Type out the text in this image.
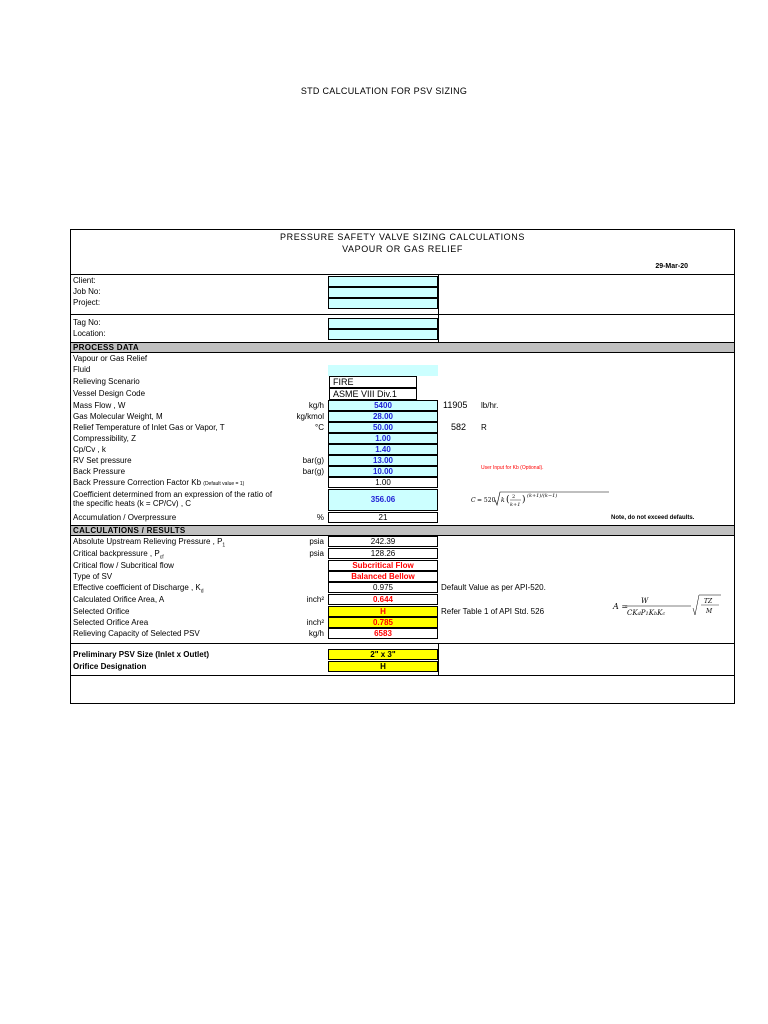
STD CALCULATION FOR PSV SIZING
PRESSURE SAFETY VALVE SIZING CALCULATIONS
VAPOUR OR GAS RELIEF
29-Mar-20
Client:
Job No:
Project:
Tag No:
Location:
PROCESS DATA
Vapour or Gas Relief
Fluid
Relieving Scenario	FIRE
Vessel Design Code	ASME VIII Div.1
Mass Flow , W	kg/h	5400	11905 lb/hr.
Gas Molecular Weight, M	kg/kmol	28.00
Relief Temperature of Inlet Gas or Vapor, T	°C	50.00	582 R
Compressibility, Z	1.00
Cp/Cv , k	1.40
RV Set pressure	bar(g)	13.00
Back Pressure	bar(g)	10.00	User Input for Kb (Optional).
Back Pressure Correction Factor Kb (Default value = 1)	1.00
Coefficient determined from an expression of the ratio of
the specific heats (k = CP/Cv) , C	356.06	C = 520 k ( 2
k+1 ) (k+1)/(k−1)
Accumulation / Overpressure	%	21	Note, do not exceed defaults.
CALCULATIONS / RESULTS
Absolute Upstream Relieving Pressure , $P_1$	psia	242.39
Critical backpressure , $P_{cf}$	psia	128.26
Critical flow / Subcritical flow	Subcritical Flow
Type of SV	Balanced Bellow
Effective coefficient of Discharge , $K_d$	0.975	Default Value as per API-520.
Calculated Orifice Area, A	inch²	0.644
Selected Orifice	H	Refer Table 1 of API Std. 526
Selected Orifice Area	inch²	0.785
Relieving Capacity of Selected PSV	kg/h	6583
A =
W
CKdP1KbKc
TZ
M
Preliminary PSV Size (Inlet x Outlet)	2" x 3"
Orifice Designation	H
